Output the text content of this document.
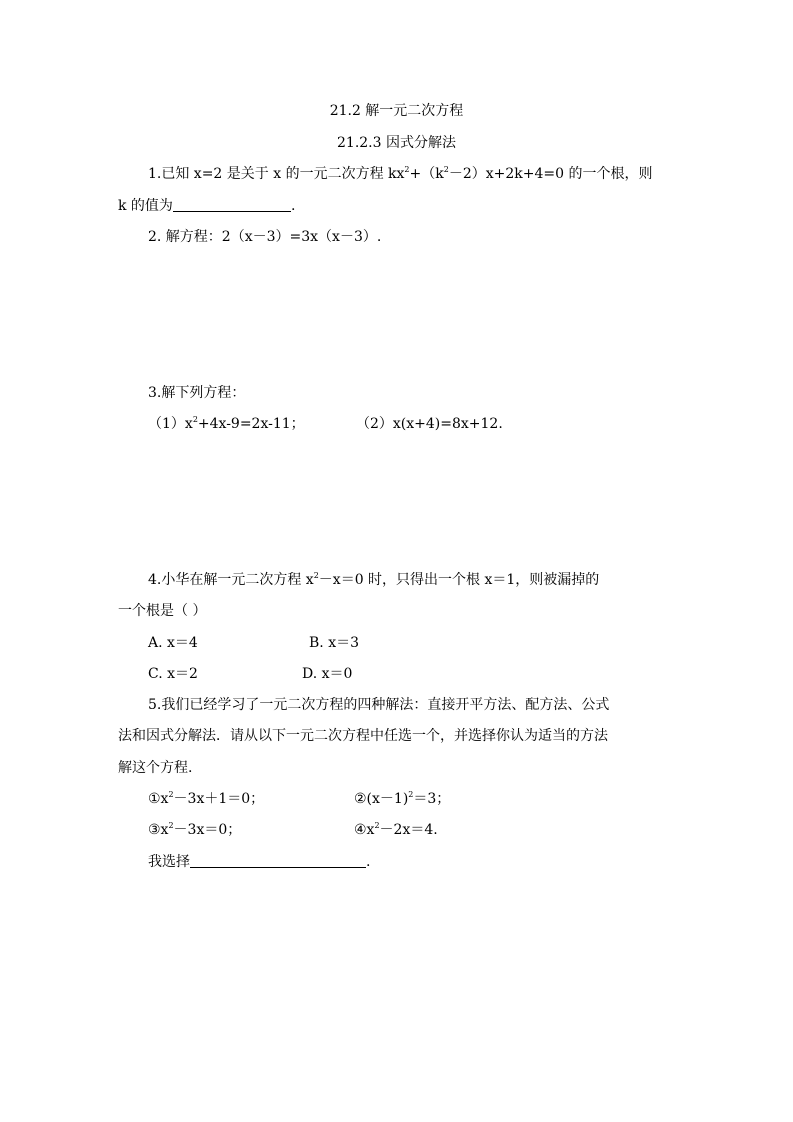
21.2 解一元二次方程
21.2.3 因式分解法
1.已知 x=2 是关于 x 的一元二次方程 $kx^2+(k^2-2)x+2k+4=0$ 的一个根，则
k 的值为	.
2. 解方程：2（x－3）=3x（x－3）.
3.解下列方程：
$(1)x^2+4x-9=2x-11$；	（2）x(x+4)=8x+12.
4.小华在解一元二次方程 $x^2-x=0$ 时，只得出一个根 x＝1，则被漏掉的
一个根是（ ）
A. x＝4	B. x＝3
C. x＝2	D. x＝0
5.我们已经学习了一元二次方程的四种解法：直接开平方法、配方法、公式
法和因式分解法．请从以下一元二次方程中任选一个，并选择你认为适当的方法
解这个方程.
$①x^2-3x+1=0$；	$②(x-1)^2=3$；
$③x^2-3x=0$；	$④x^2-2x=4$.
我选择	.
